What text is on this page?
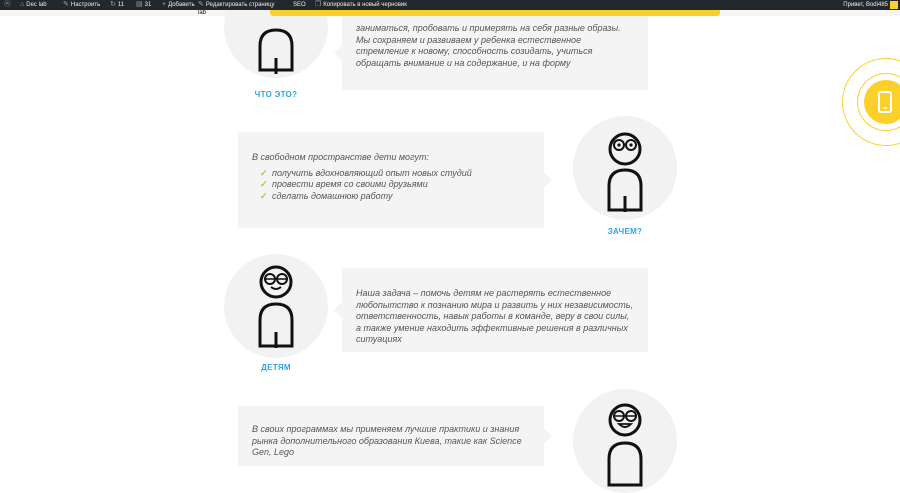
ⓦ ⌂ Dec lab ✎ Настроить ↻ 11 ▤ 31 + Добавить ✎ Редактировать страницу	SEO ❐ Копировать в новый черновик	Привет, Bodi485
lab

ЧТО ЭТО?

заниматься, пробовать и примерять на себя разные образы. Мы сохраняем и развиваем у ребенка естественное стремление к новому, способность созидать, учиться обращать внимание и на содержание, и на форму

В свободном пространстве дети могут:

✓ получить вдохновляющий опыт новых студий
✓ провести время со своими друзьями
✓ сделать домашнюю работу
ЗАЧЕМ?
ДЕТЯМ

Наша задача – помочь детям не растерять естественное любопытство к познанию мира и развить у них независимость, ответственность, навык работы в команде, веру в свои силы, а также умение находить эффективные решения в различных ситуациях

В своих программах мы применяем лучшие практики и знания рынка дополнительного образования Киева, такие как Science Gen, Lego
